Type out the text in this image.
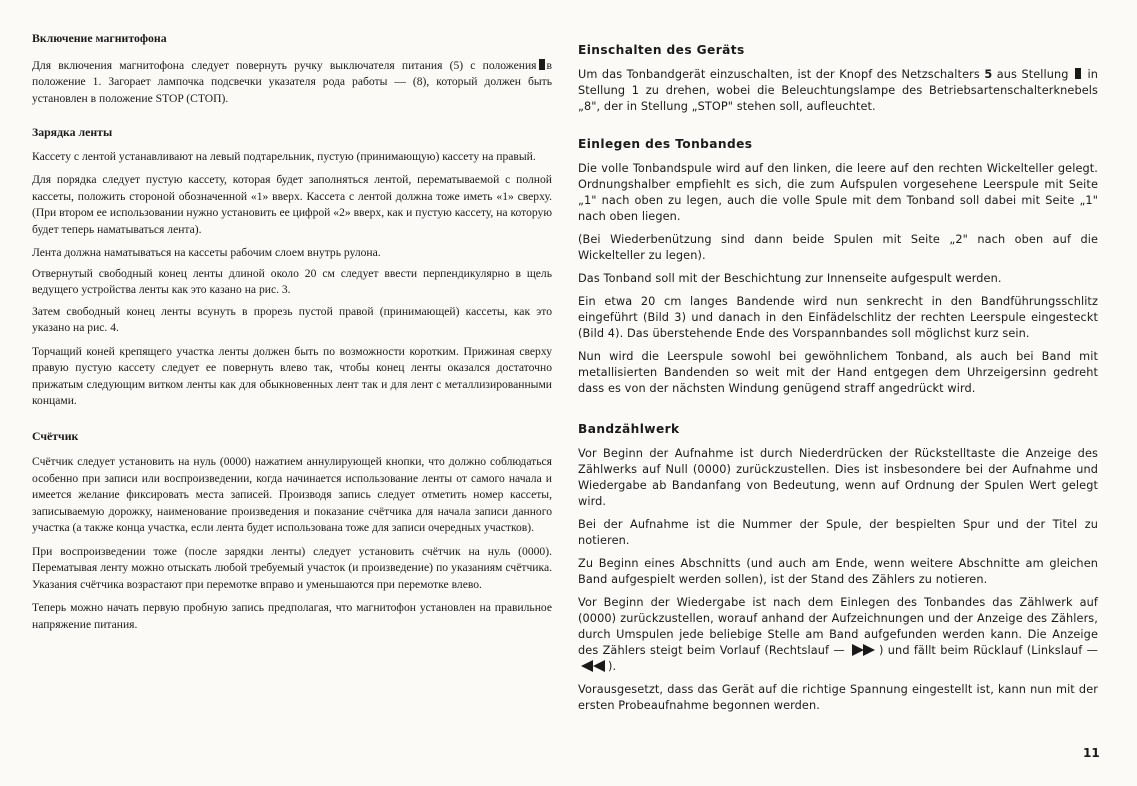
Включение магнитофона

Для включения магнитофона следует повернуть ручку выключателя питания (5) с положения в положение 1. Загорает лампочка подсвечки указателя рода работы — (8), который должен быть установлен в положение STOP (СТОП).

Зарядка ленты

Кассету с лентой устанавливают на левый подтарельник, пустую (принимающую) кассету на правый.

Для порядка следует пустую кассету, которая будет заполняться лентой, перематываемой с полной кассеты, положить стороной обозначенной «1» вверх. Кассета с лентой должна тоже иметь «1» сверху. (При втором ее использовании нужно установить ее цифрой «2» вверх, как и пустую кассету, на которую будет теперь наматываться лента).

Лента должна наматываться на кассеты рабочим слоем внутрь рулона.

Отвернутый свободный конец ленты длиной около 20 см следует ввести перпендикулярно в щель ведущего устройства ленты как это казано на рис. 3.

Затем свободный конец ленты всунуть в прорезь пустой правой (принимающей) кассеты, как это указано на рис. 4.

Торчащий коней крепящего участка ленты должен быть по возможности коротким. Прижиная сверху правую пустую кассету следует ее повернуть влево так, чтобы конец ленты оказался достаточно прижатым следующим витком ленты как для обыкновенных лент так и для лент с металлизированными концами.

Счётчик

Счётчик следует установить на нуль (0000) нажатием аннулирующей кнопки, что должно соблюдаться особенно при записи или воспроизведении, когда начинается использование ленты от самого начала и имеется желание фиксировать места записей. Производя запись следует отметить номер кассеты, записываемую дорожку, наименование произведения и показание счётчика для начала записи данного участка (а также конца участка, если лента будет использована тоже для записи очередных участков).

При воспроизведении тоже (после зарядки ленты) следует установить счётчик на нуль (0000). Перематывая ленту можно отыскать любой требуемый участок (и произведение) по указаниям счётчика. Указания счётчика возрастают при перемотке вправо и уменьшаются при перемотке влево.

Теперь можно начать первую пробную запись предполагая, что магнитофон установлен на правильное напряжение питания.

Einschalten des Geräts

Um das Tonbandgerät einzuschalten, ist der Knopf des Netzschalters 5 aus Stellung in Stellung 1 zu drehen, wobei die Beleuchtungslampe des Betriebsartenschalterknebels „8", der in Stellung „STOP" stehen soll, aufleuchtet.

Einlegen des Tonbandes

Die volle Tonbandspule wird auf den linken, die leere auf den rechten Wickelteller gelegt. Ordnungshalber empfiehlt es sich, die zum Aufspulen vorgesehene Leerspule mit Seite „1" nach oben zu legen, auch die volle Spule mit dem Tonband soll dabei mit Seite „1" nach oben liegen.

(Bei Wiederbenützung sind dann beide Spulen mit Seite „2" nach oben auf die Wickelteller zu legen).

Das Tonband soll mit der Beschichtung zur Innenseite aufgespult werden.

Ein etwa 20 cm langes Bandende wird nun senkrecht in den Bandführungsschlitz eingeführt (Bild 3) und danach in den Einfädelschlitz der rechten Leerspule eingesteckt (Bild 4). Das überstehende Ende des Vorspannbandes soll möglichst kurz sein.

Nun wird die Leerspule sowohl bei gewöhnlichem Tonband, als auch bei Band mit metallisierten Bandenden so weit mit der Hand entgegen dem Uhrzeigersinn gedreht dass es von der nächsten Windung genügend straff angedrückt wird.

Bandzählwerk

Vor Beginn der Aufnahme ist durch Niederdrücken der Rückstelltaste die Anzeige des Zählwerks auf Null (0000) zurückzustellen. Dies ist insbesondere bei der Aufnahme und Wiedergabe ab Bandanfang von Bedeutung, wenn auf Ordnung der Spulen Wert gelegt wird.

Bei der Aufnahme ist die Nummer der Spule, der bespielten Spur und der Titel zu notieren.

Zu Beginn eines Abschnitts (und auch am Ende, wenn weitere Abschnitte am gleichen Band aufgespielt werden sollen), ist der Stand des Zählers zu notieren.

Vor Beginn der Wiedergabe ist nach dem Einlegen des Tonbandes das Zählwerk auf (0000) zurückzustellen, worauf anhand der Aufzeichnungen und der Anzeige des Zählers, durch Umspulen jede beliebige Stelle am Band aufgefunden werden kann. Die Anzeige des Zählers steigt beim Vorlauf (Rechtslauf —	) und fällt beim Rücklauf (Linkslauf — ).

Vorausgesetzt, dass das Gerät auf die richtige Spannung eingestellt ist, kann nun mit der ersten Probeaufnahme begonnen werden.

11
